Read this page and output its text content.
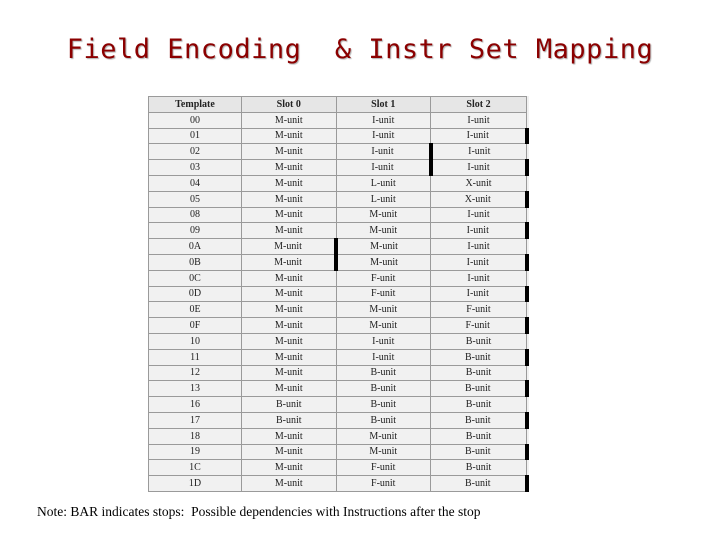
Field Encoding  & Instr Set Mapping
Template	Slot 0	Slot 1	Slot 2
00	M-unit	I-unit	I-unit
01	M-unit	I-unit	I-unit
02	M-unit	I-unit	I-unit
03	M-unit	I-unit	I-unit
04	M-unit	L-unit	X-unit
05	M-unit	L-unit	X-unit
08	M-unit	M-unit	I-unit
09	M-unit	M-unit	I-unit
0A	M-unit	M-unit	I-unit
0B	M-unit	M-unit	I-unit
0C	M-unit	F-unit	I-unit
0D	M-unit	F-unit	I-unit
0E	M-unit	M-unit	F-unit
0F	M-unit	M-unit	F-unit
10	M-unit	I-unit	B-unit
11	M-unit	I-unit	B-unit
12	M-unit	B-unit	B-unit
13	M-unit	B-unit	B-unit
16	B-unit	B-unit	B-unit
17	B-unit	B-unit	B-unit
18	M-unit	M-unit	B-unit
19	M-unit	M-unit	B-unit
1C	M-unit	F-unit	B-unit
1D	M-unit	F-unit	B-unit
Note: BAR indicates stops:  Possible dependencies with Instructions after the stop
